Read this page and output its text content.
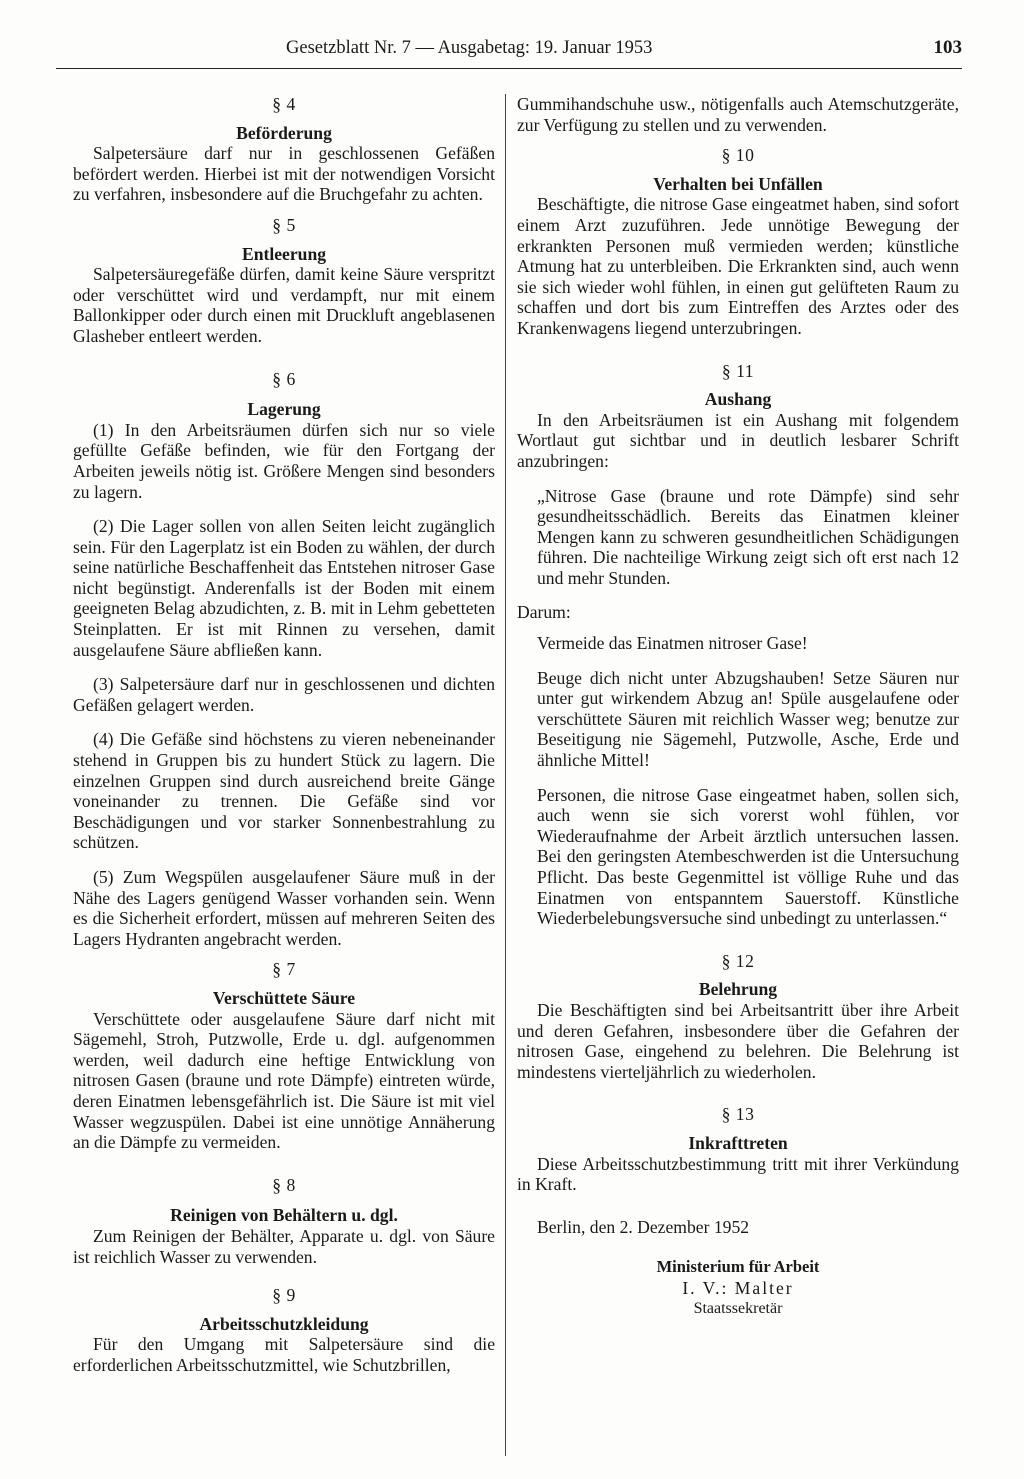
Gesetzblatt Nr. 7 — Ausgabetag: 19. Januar 1953	103

§ 4

Beförderung

Salpetersäure darf nur in geschlossenen Gefäßen befördert werden. Hierbei ist mit der notwendigen Vorsicht zu verfahren, insbesondere auf die Bruchgefahr zu achten.

§ 5

Entleerung

Salpetersäuregefäße dürfen, damit keine Säure verspritzt oder verschüttet wird und verdampft, nur mit einem Ballonkipper oder durch einen mit Druckluft angeblasenen Glasheber entleert werden.

§ 6

Lagerung

(1) In den Arbeitsräumen dürfen sich nur so viele gefüllte Gefäße befinden, wie für den Fortgang der Arbeiten jeweils nötig ist. Größere Mengen sind besonders zu lagern.

(2) Die Lager sollen von allen Seiten leicht zugänglich sein. Für den Lagerplatz ist ein Boden zu wählen, der durch seine natürliche Beschaffenheit das Entstehen nitroser Gase nicht begünstigt. Anderenfalls ist der Boden mit einem geeigneten Belag abzudichten, z. B. mit in Lehm gebetteten Steinplatten. Er ist mit Rinnen zu versehen, damit ausgelaufene Säure abfließen kann.

(3) Salpetersäure darf nur in geschlossenen und dichten Gefäßen gelagert werden.

(4) Die Gefäße sind höchstens zu vieren nebeneinander stehend in Gruppen bis zu hundert Stück zu lagern. Die einzelnen Gruppen sind durch ausreichend breite Gänge voneinander zu trennen. Die Gefäße sind vor Beschädigungen und vor starker Sonnenbestrahlung zu schützen.

(5) Zum Wegspülen ausgelaufener Säure muß in der Nähe des Lagers genügend Wasser vorhanden sein. Wenn es die Sicherheit erfordert, müssen auf mehreren Seiten des Lagers Hydranten angebracht werden.

§ 7

Verschüttete Säure

Verschüttete oder ausgelaufene Säure darf nicht mit Sägemehl, Stroh, Putzwolle, Erde u. dgl. aufgenommen werden, weil dadurch eine heftige Entwicklung von nitrosen Gasen (braune und rote Dämpfe) eintreten würde, deren Einatmen lebensgefährlich ist. Die Säure ist mit viel Wasser wegzuspülen. Dabei ist eine unnötige Annäherung an die Dämpfe zu vermeiden.

§ 8

Reinigen von Behältern u. dgl.

Zum Reinigen der Behälter, Apparate u. dgl. von Säure ist reichlich Wasser zu verwenden.

§ 9

Arbeitsschutzkleidung

Für den Umgang mit Salpetersäure sind die erforderlichen Arbeitsschutzmittel, wie Schutzbrillen,

Gummihandschuhe usw., nötigenfalls auch Atemschutzgeräte, zur Verfügung zu stellen und zu verwenden.

§ 10

Verhalten bei Unfällen

Beschäftigte, die nitrose Gase eingeatmet haben, sind sofort einem Arzt zuzuführen. Jede unnötige Bewegung der erkrankten Personen muß vermieden werden; künstliche Atmung hat zu unterbleiben. Die Erkrankten sind, auch wenn sie sich wieder wohl fühlen, in einen gut gelüfteten Raum zu schaffen und dort bis zum Eintreffen des Arztes oder des Krankenwagens liegend unterzubringen.

§ 11

Aushang

In den Arbeitsräumen ist ein Aushang mit folgendem Wortlaut gut sichtbar und in deutlich lesbarer Schrift anzubringen:

„Nitrose Gase (braune und rote Dämpfe) sind sehr gesundheitsschädlich. Bereits das Einatmen kleiner Mengen kann zu schweren gesundheitlichen Schädigungen führen. Die nachteilige Wirkung zeigt sich oft erst nach 12 und mehr Stunden.

Darum:

Vermeide das Einatmen nitroser Gase!

Beuge dich nicht unter Abzugshauben! Setze Säuren nur unter gut wirkendem Abzug an! Spüle ausgelaufene oder verschüttete Säuren mit reichlich Wasser weg; benutze zur Beseitigung nie Sägemehl, Putzwolle, Asche, Erde und ähnliche Mittel!

Personen, die nitrose Gase eingeatmet haben, sollen sich, auch wenn sie sich vorerst wohl fühlen, vor Wiederaufnahme der Arbeit ärztlich untersuchen lassen. Bei den geringsten Atembeschwerden ist die Untersuchung Pflicht. Das beste Gegenmittel ist völlige Ruhe und das Einatmen von entspanntem Sauerstoff. Künstliche Wiederbelebungsversuche sind unbedingt zu unterlassen.“

§ 12

Belehrung

Die Beschäftigten sind bei Arbeitsantritt über ihre Arbeit und deren Gefahren, insbesondere über die Gefahren der nitrosen Gase, eingehend zu belehren. Die Belehrung ist mindestens vierteljährlich zu wiederholen.

§ 13

Inkrafttreten

Diese Arbeitsschutzbestimmung tritt mit ihrer Verkündung in Kraft.

Berlin, den 2. Dezember 1952

Ministerium für Arbeit

I. V.: Malter

Staatssekretär
